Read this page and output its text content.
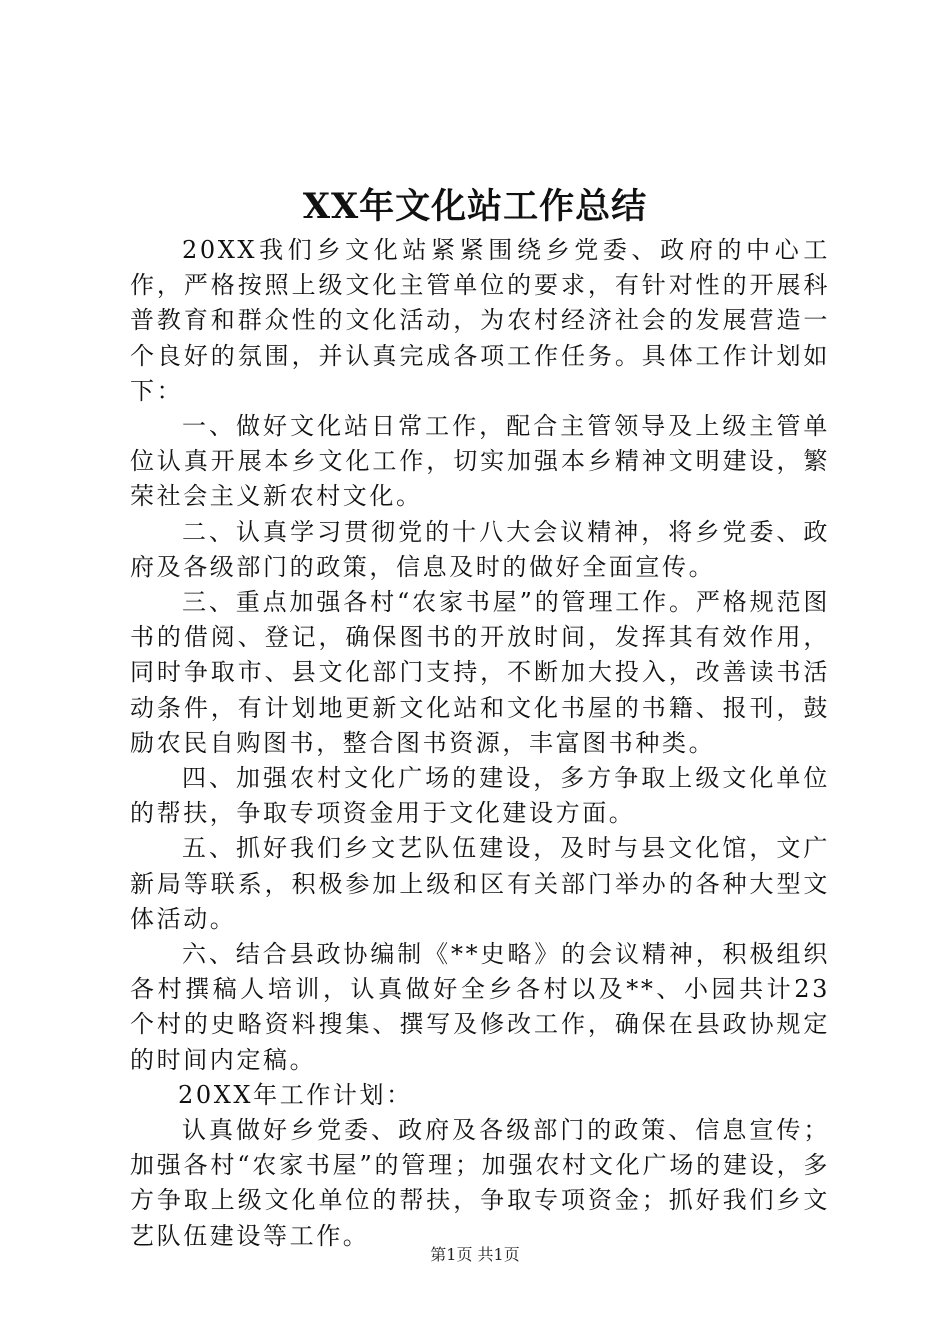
XX年文化站工作总结

20XX我们乡文化站紧紧围绕乡党委、政府的中心工作，严格按照上级文化主管单位的要求，有针对性的开展科普教育和群众性的文化活动，为农村经济社会的发展营造一个良好的氛围，并认真完成各项工作任务。具体工作计划如下：

一、做好文化站日常工作，配合主管领导及上级主管单位认真开展本乡文化工作，切实加强本乡精神文明建设，繁荣社会主义新农村文化。

二、认真学习贯彻党的十八大会议精神，将乡党委、政府及各级部门的政策，信息及时的做好全面宣传。

三、重点加强各村“农家书屋”的管理工作。严格规范图书的借阅、登记，确保图书的开放时间，发挥其有效作用，同时争取市、县文化部门支持，不断加大投入，改善读书活动条件，有计划地更新文化站和文化书屋的书籍、报刊，鼓励农民自购图书，整合图书资源，丰富图书种类。

四、加强农村文化广场的建设，多方争取上级文化单位的帮扶，争取专项资金用于文化建设方面。

五、抓好我们乡文艺队伍建设，及时与县文化馆，文广新局等联系，积极参加上级和区有关部门举办的各种大型文体活动。

六、结合县政协编制《**史略》的会议精神，积极组织各村撰稿人培训，认真做好全乡各村以及**、小园共计23个村的史略资料搜集、撰写及修改工作，确保在县政协规定的时间内定稿。

20XX年工作计划：

认真做好乡党委、政府及各级部门的政策、信息宣传；加强各村“农家书屋”的管理；加强农村文化广场的建设，多方争取上级文化单位的帮扶，争取专项资金；抓好我们乡文艺队伍建设等工作。

第1页 共1页
